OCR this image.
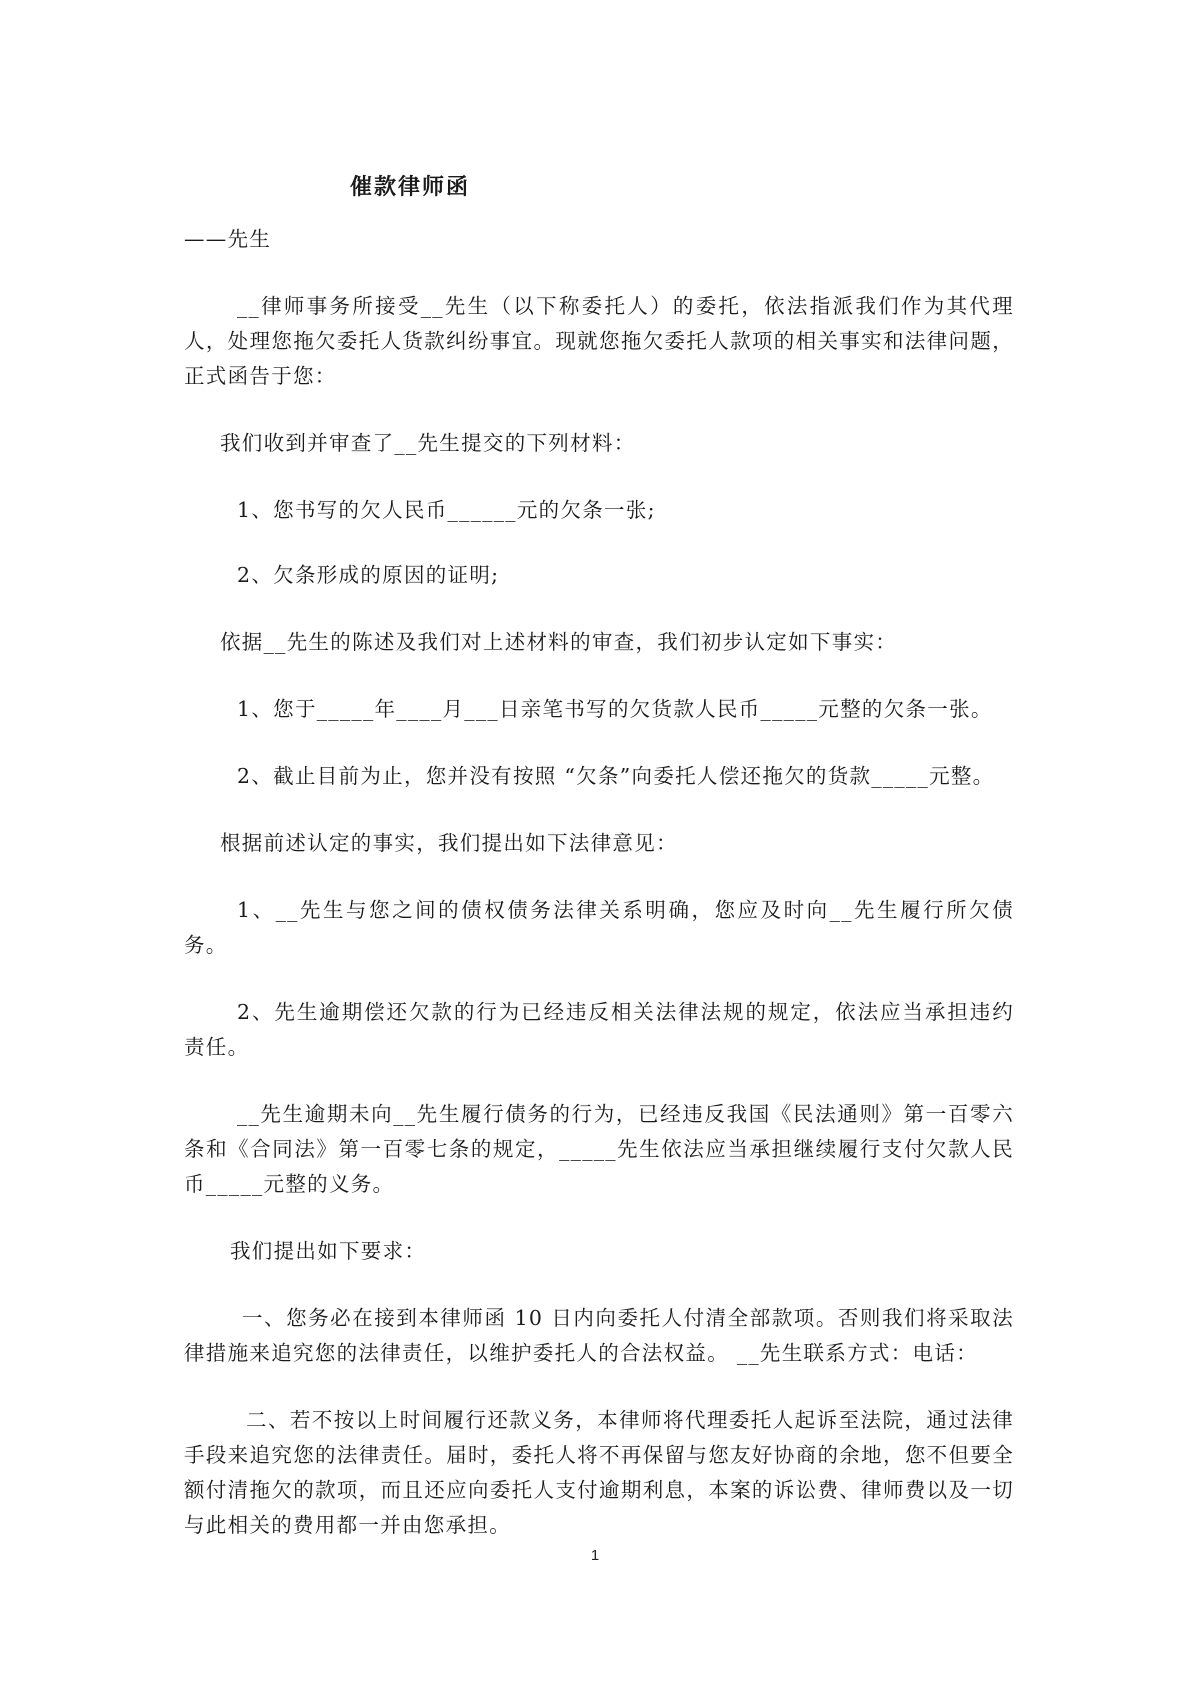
催款律师函

——先生

__律师事务所接受__先生（以下称委托人）的委托，依法指派我们作为其代理人，处理您拖欠委托人货款纠纷事宜。现就您拖欠委托人款项的相关事实和法律问题，正式函告于您：

我们收到并审查了__先生提交的下列材料：

1、您书写的欠人民币______元的欠条一张;

2、欠条形成的原因的证明;

依据__先生的陈述及我们对上述材料的审查，我们初步认定如下事实：

1、您于_____年____月___日亲笔书写的欠货款人民币_____元整的欠条一张。

2、截止目前为止，您并没有按照 “欠条”向委托人偿还拖欠的货款_____元整。

根据前述认定的事实，我们提出如下法律意见：

1、__先生与您之间的债权债务法律关系明确，您应及时向__先生履行所欠债务。

2、先生逾期偿还欠款的行为已经违反相关法律法规的规定，依法应当承担违约责任。

__先生逾期未向__先生履行债务的行为，已经违反我国《民法通则》第一百零六条和《合同法》第一百零七条的规定，_____先生依法应当承担继续履行支付欠款人民币_____元整的义务。

我们提出如下要求：

一、您务必在接到本律师函 10 日内向委托人付清全部款项。否则我们将采取法律措施来追究您的法律责任，以维护委托人的合法权益。 __先生联系方式：电话：

二、若不按以上时间履行还款义务，本律师将代理委托人起诉至法院，通过法律手段来追究您的法律责任。届时，委托人将不再保留与您友好协商的余地，您不但要全额付清拖欠的款项，而且还应向委托人支付逾期利息，本案的诉讼费、律师费以及一切与此相关的费用都一并由您承担。

1
